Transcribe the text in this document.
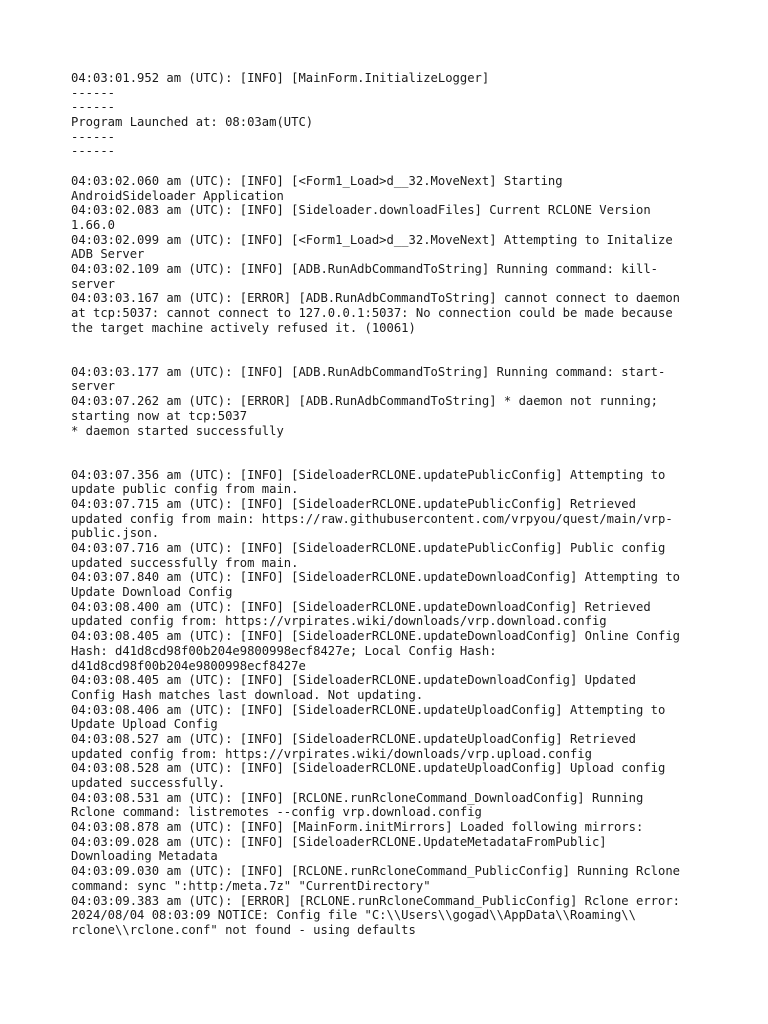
04:03:01.952 am (UTC): [INFO] [MainForm.InitializeLogger]
------
------
Program Launched at: 08:03am(UTC)
------
------

04:03:02.060 am (UTC): [INFO] [<Form1_Load>d__32.MoveNext] Starting
AndroidSideloader Application
04:03:02.083 am (UTC): [INFO] [Sideloader.downloadFiles] Current RCLONE Version
1.66.0
04:03:02.099 am (UTC): [INFO] [<Form1_Load>d__32.MoveNext] Attempting to Initalize
ADB Server
04:03:02.109 am (UTC): [INFO] [ADB.RunAdbCommandToString] Running command: kill-
server
04:03:03.167 am (UTC): [ERROR] [ADB.RunAdbCommandToString] cannot connect to daemon
at tcp:5037: cannot connect to 127.0.0.1:5037: No connection could be made because
the target machine actively refused it. (10061)

04:03:03.177 am (UTC): [INFO] [ADB.RunAdbCommandToString] Running command: start-
server
04:03:07.262 am (UTC): [ERROR] [ADB.RunAdbCommandToString] * daemon not running;
starting now at tcp:5037
* daemon started successfully

04:03:07.356 am (UTC): [INFO] [SideloaderRCLONE.updatePublicConfig] Attempting to
update public config from main.
04:03:07.715 am (UTC): [INFO] [SideloaderRCLONE.updatePublicConfig] Retrieved
updated config from main: https://raw.githubusercontent.com/vrpyou/quest/main/vrp-
public.json.
04:03:07.716 am (UTC): [INFO] [SideloaderRCLONE.updatePublicConfig] Public config
updated successfully from main.
04:03:07.840 am (UTC): [INFO] [SideloaderRCLONE.updateDownloadConfig] Attempting to
Update Download Config
04:03:08.400 am (UTC): [INFO] [SideloaderRCLONE.updateDownloadConfig] Retrieved
updated config from: https://vrpirates.wiki/downloads/vrp.download.config
04:03:08.405 am (UTC): [INFO] [SideloaderRCLONE.updateDownloadConfig] Online Config
Hash: d41d8cd98f00b204e9800998ecf8427e; Local Config Hash:
d41d8cd98f00b204e9800998ecf8427e
04:03:08.405 am (UTC): [INFO] [SideloaderRCLONE.updateDownloadConfig] Updated
Config Hash matches last download. Not updating.
04:03:08.406 am (UTC): [INFO] [SideloaderRCLONE.updateUploadConfig] Attempting to
Update Upload Config
04:03:08.527 am (UTC): [INFO] [SideloaderRCLONE.updateUploadConfig] Retrieved
updated config from: https://vrpirates.wiki/downloads/vrp.upload.config
04:03:08.528 am (UTC): [INFO] [SideloaderRCLONE.updateUploadConfig] Upload config
updated successfully.
04:03:08.531 am (UTC): [INFO] [RCLONE.runRcloneCommand_DownloadConfig] Running
Rclone command: listremotes --config vrp.download.config
04:03:08.878 am (UTC): [INFO] [MainForm.initMirrors] Loaded following mirrors:
04:03:09.028 am (UTC): [INFO] [SideloaderRCLONE.UpdateMetadataFromPublic]
Downloading Metadata
04:03:09.030 am (UTC): [INFO] [RCLONE.runRcloneCommand_PublicConfig] Running Rclone
command: sync ":http:/meta.7z" "CurrentDirectory"
04:03:09.383 am (UTC): [ERROR] [RCLONE.runRcloneCommand_PublicConfig] Rclone error:
2024/08/04 08:03:09 NOTICE: Config file "C:\\Users\\gogad\\AppData\\Roaming\\
rclone\\rclone.conf" not found - using defaults
